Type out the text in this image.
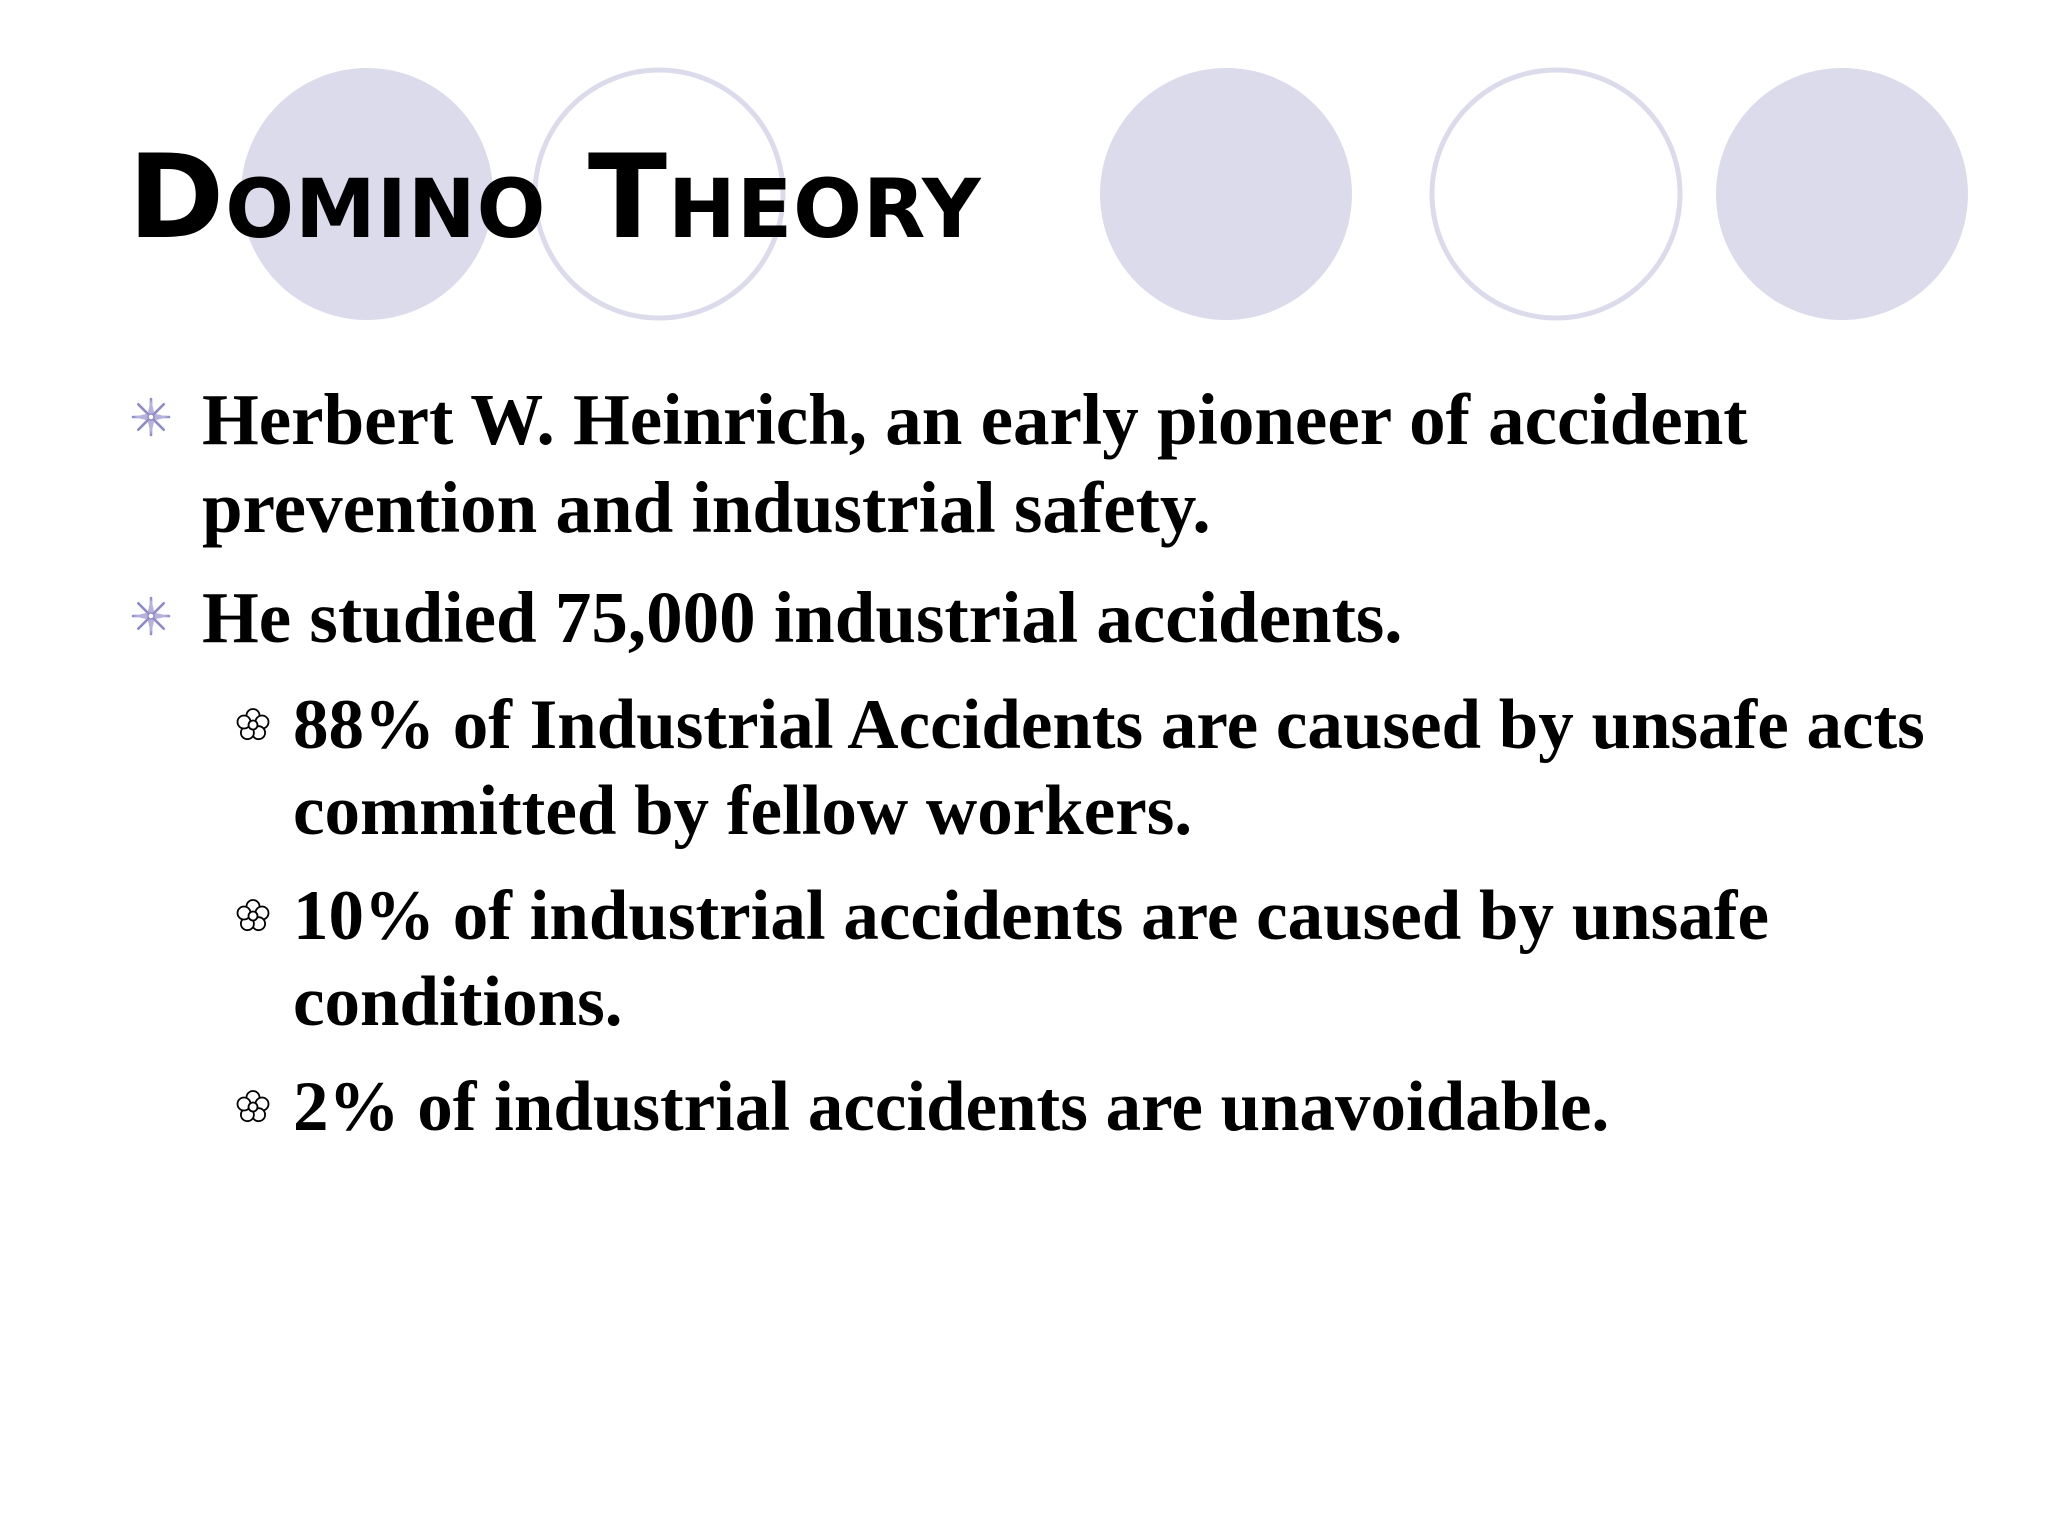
Domino Theory
Herbert W. Heinrich, an early pioneer of accident prevention and industrial safety.
He studied 75,000 industrial accidents.
88% of Industrial Accidents are caused by unsafe acts committed by fellow workers.
10% of industrial accidents are caused by unsafe conditions.
2% of industrial accidents are unavoidable.
